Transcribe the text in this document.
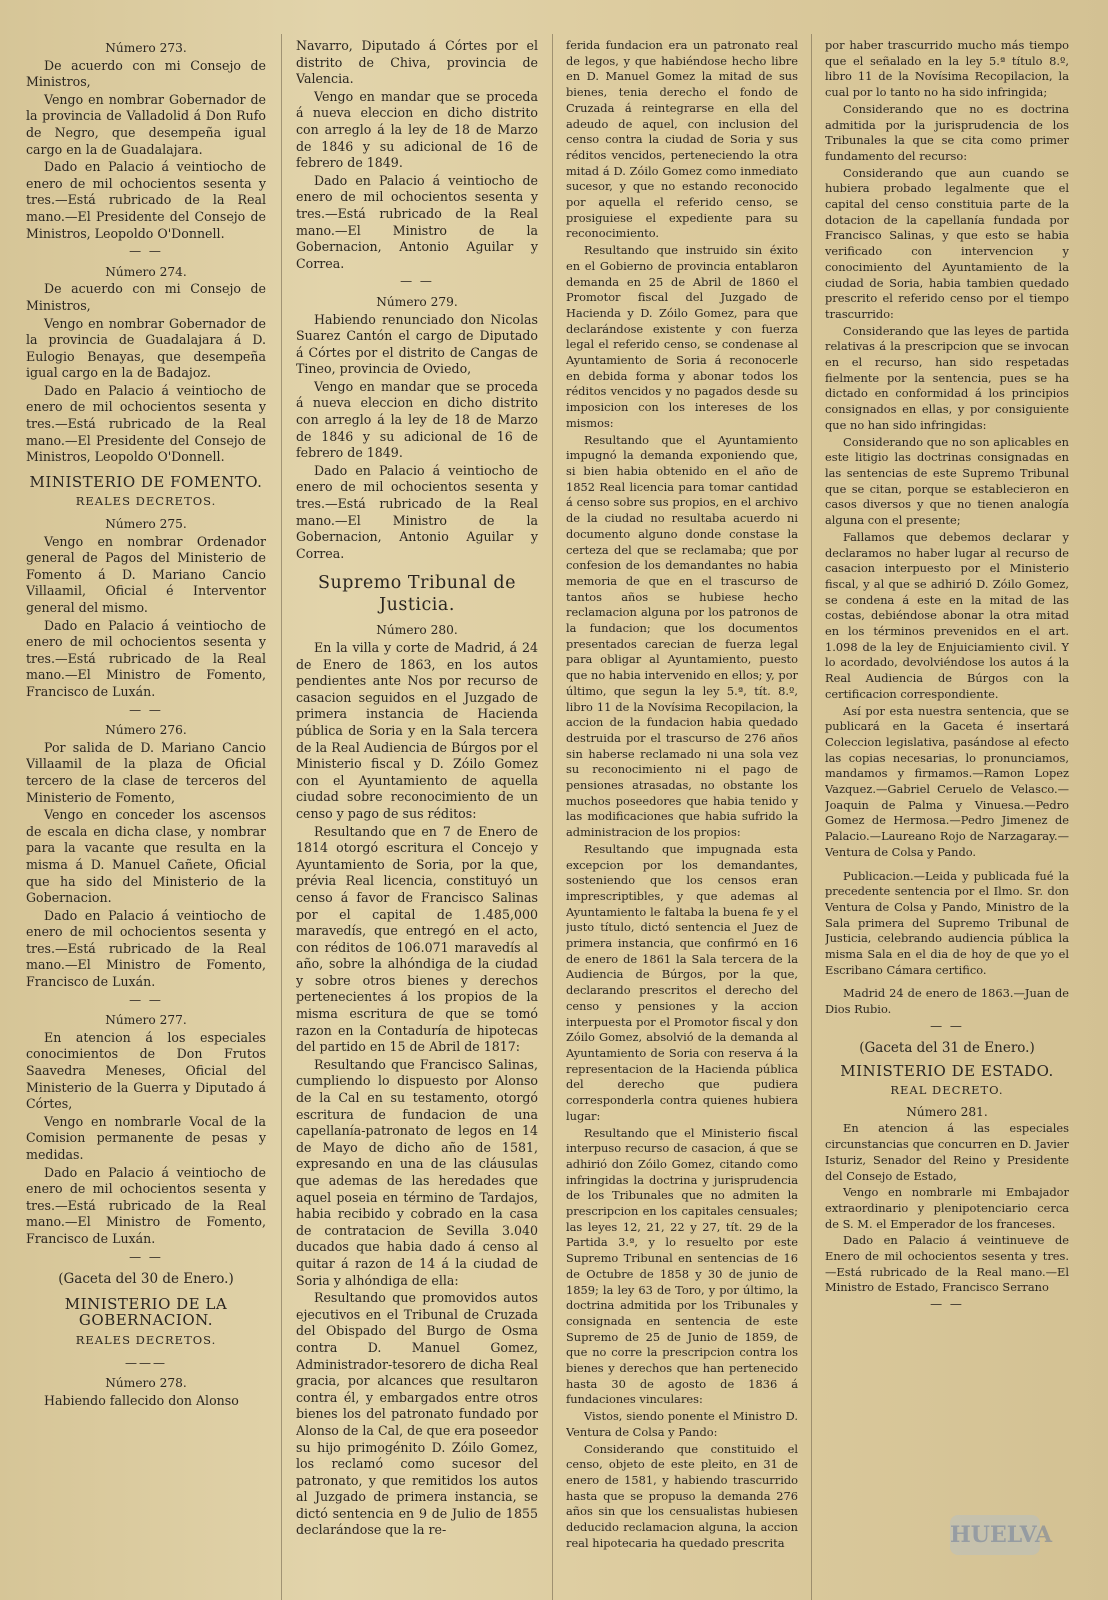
Número 273.

De acuerdo con mi Consejo de Ministros,

Vengo en nombrar Gobernador de la provincia de Valladolid á Don Rufo de Negro, que desempeña igual cargo en la de Guadalajara.

Dado en Palacio á veintiocho de enero de mil ochocientos sesenta y tres.—Está rubricado de la Real mano.—El Presidente del Consejo de Ministros, Leopoldo O'Donnell.

— —
Número 274.

De acuerdo con mi Consejo de Ministros,

Vengo en nombrar Gobernador de la provincia de Guadalajara á D. Eulogio Benayas, que desempeña igual cargo en la de Badajoz.

Dado en Palacio á veintiocho de enero de mil ochocientos sesenta y tres.—Está rubricado de la Real mano.—El Presidente del Consejo de Ministros, Leopoldo O'Donnell.

MINISTERIO DE FOMENTO.
REALES DECRETOS.
Número 275.

Vengo en nombrar Ordenador general de Pagos del Ministerio de Fomento á D. Mariano Cancio Villaamil, Oficial é Interventor general del mismo.

Dado en Palacio á veintiocho de enero de mil ochocientos sesenta y tres.—Está rubricado de la Real mano.—El Ministro de Fomento, Francisco de Luxán.

— —
Número 276.

Por salida de D. Mariano Cancio Villaamil de la plaza de Oficial tercero de la clase de terceros del Ministerio de Fomento,

Vengo en conceder los ascensos de escala en dicha clase, y nombrar para la vacante que resulta en la misma á D. Manuel Cañete, Oficial que ha sido del Ministerio de la Gobernacion.

Dado en Palacio á veintiocho de enero de mil ochocientos sesenta y tres.—Está rubricado de la Real mano.—El Ministro de Fomento, Francisco de Luxán.

— —
Número 277.

En atencion á los especiales conocimientos de Don Frutos Saavedra Meneses, Oficial del Ministerio de la Guerra y Diputado á Córtes,

Vengo en nombrarle Vocal de la Comision permanente de pesas y medidas.

Dado en Palacio á veintiocho de enero de mil ochocientos sesenta y tres.—Está rubricado de la Real mano.—El Ministro de Fomento, Francisco de Luxán.

— —
(Gaceta del 30 de Enero.)
MINISTERIO DE LA GOBERNACION.
REALES DECRETOS.
———
Número 278.

Habiendo fallecido don Alonso

Navarro, Diputado á Córtes por el distrito de Chiva, provincia de Valencia.

Vengo en mandar que se proceda á nueva eleccion en dicho distrito con arreglo á la ley de 18 de Marzo de 1846 y su adicional de 16 de febrero de 1849.

Dado en Palacio á veintiocho de enero de mil ochocientos sesenta y tres.—Está rubricado de la Real mano.—El Ministro de la Gobernacion, Antonio Aguilar y Correa.

— —
Número 279.

Habiendo renunciado don Nicolas Suarez Cantón el cargo de Diputado á Córtes por el distrito de Cangas de Tineo, provincia de Oviedo,

Vengo en mandar que se proceda á nueva eleccion en dicho distrito con arreglo á la ley de 18 de Marzo de 1846 y su adicional de 16 de febrero de 1849.

Dado en Palacio á veintiocho de enero de mil ochocientos sesenta y tres.—Está rubricado de la Real mano.—El Ministro de la Gobernacion, Antonio Aguilar y Correa.

Supremo Tribunal de Justicia.
Número 280.

En la villa y corte de Madrid, á 24 de Enero de 1863, en los autos pendientes ante Nos por recurso de casacion seguidos en el Juzgado de primera instancia de Hacienda pública de Soria y en la Sala tercera de la Real Audiencia de Búrgos por el Ministerio fiscal y D. Zóilo Gomez con el Ayuntamiento de aquella ciudad sobre reconocimiento de un censo y pago de sus réditos:

Resultando que en 7 de Enero de 1814 otorgó escritura el Concejo y Ayuntamiento de Soria, por la que, prévia Real licencia, constituyó un censo á favor de Francisco Salinas por el capital de 1.485,000 maravedís, que entregó en el acto, con réditos de 106.071 maravedís al año, sobre la alhóndiga de la ciudad y sobre otros bienes y derechos pertenecientes á los propios de la misma escritura de que se tomó razon en la Contaduría de hipotecas del partido en 15 de Abril de 1817:

Resultando que Francisco Salinas, cumpliendo lo dispuesto por Alonso de la Cal en su testamento, otorgó escritura de fundacion de una capellanía-patronato de legos en 14 de Mayo de dicho año de 1581, expresando en una de las cláusulas que ademas de las heredades que aquel poseia en término de Tardajos, habia recibido y cobrado en la casa de contratacion de Sevilla 3.040 ducados que habia dado á censo al quitar á razon de 14 á la ciudad de Soria y alhóndiga de ella:

Resultando que promovidos autos ejecutivos en el Tribunal de Cruzada del Obispado del Burgo de Osma contra D. Manuel Gomez, Administrador-tesorero de dicha Real gracia, por alcances que resultaron contra él, y embargados entre otros bienes los del patronato fundado por Alonso de la Cal, de que era poseedor su hijo primogénito D. Zóilo Gomez, los reclamó como sucesor del patronato, y que remitidos los autos al Juzgado de primera instancia, se dictó sentencia en 9 de Julio de 1855 declarándose que la re-

ferida fundacion era un patronato real de legos, y que habiéndose hecho libre en D. Manuel Gomez la mitad de sus bienes, tenia derecho el fondo de Cruzada á reintegrarse en ella del adeudo de aquel, con inclusion del censo contra la ciudad de Soria y sus réditos vencidos, perteneciendo la otra mitad á D. Zóilo Gomez como inmediato sucesor, y que no estando reconocido por aquella el referido censo, se prosiguiese el expediente para su reconocimiento.

Resultando que instruido sin éxito en el Gobierno de provincia entablaron demanda en 25 de Abril de 1860 el Promotor fiscal del Juzgado de Hacienda y D. Zóilo Gomez, para que declarándose existente y con fuerza legal el referido censo, se condenase al Ayuntamiento de Soria á reconocerle en debida forma y abonar todos los réditos vencidos y no pagados desde su imposicion con los intereses de los mismos:

Resultando que el Ayuntamiento impugnó la demanda exponiendo que, si bien habia obtenido en el año de 1852 Real licencia para tomar cantidad á censo sobre sus propios, en el archivo de la ciudad no resultaba acuerdo ni documento alguno donde constase la certeza del que se reclamaba; que por confesion de los demandantes no habia memoria de que en el trascurso de tantos años se hubiese hecho reclamacion alguna por los patronos de la fundacion; que los documentos presentados carecian de fuerza legal para obligar al Ayuntamiento, puesto que no habia intervenido en ellos; y, por último, que segun la ley 5.ª, tít. 8.º, libro 11 de la Novísima Recopilacion, la accion de la fundacion habia quedado destruida por el trascurso de 276 años sin haberse reclamado ni una sola vez su reconocimiento ni el pago de pensiones atrasadas, no obstante los muchos poseedores que habia tenido y las modificaciones que habia sufrido la administracion de los propios:

Resultando que impugnada esta excepcion por los demandantes, sosteniendo que los censos eran imprescriptibles, y que ademas al Ayuntamiento le faltaba la buena fe y el justo título, dictó sentencia el Juez de primera instancia, que confirmó en 16 de enero de 1861 la Sala tercera de la Audiencia de Búrgos, por la que, declarando prescritos el derecho del censo y pensiones y la accion interpuesta por el Promotor fiscal y don Zóilo Gomez, absolvió de la demanda al Ayuntamiento de Soria con reserva á la representacion de la Hacienda pública del derecho que pudiera corresponderla contra quienes hubiera lugar:

Resultando que el Ministerio fiscal interpuso recurso de casacion, á que se adhirió don Zóilo Gomez, citando como infringidas la doctrina y jurisprudencia de los Tribunales que no admiten la prescripcion en los capitales censuales; las leyes 12, 21, 22 y 27, tít. 29 de la Partida 3.ª, y lo resuelto por este Supremo Tribunal en sentencias de 16 de Octubre de 1858 y 30 de junio de 1859; la ley 63 de Toro, y por último, la doctrina admitida por los Tribunales y consignada en sentencia de este Supremo de 25 de Junio de 1859, de que no corre la prescripcion contra los bienes y derechos que han pertenecido hasta 30 de agosto de 1836 á fundaciones vinculares:

Vistos, siendo ponente el Ministro D. Ventura de Colsa y Pando:

Considerando que constituido el censo, objeto de este pleito, en 31 de enero de 1581, y habiendo trascurrido hasta que se propuso la demanda 276 años sin que los censualistas hubiesen deducido reclamacion alguna, la accion real hipotecaria ha quedado prescrita

por haber trascurrido mucho más tiempo que el señalado en la ley 5.ª título 8.º, libro 11 de la Novísima Recopilacion, la cual por lo tanto no ha sido infringida;

Considerando que no es doctrina admitida por la jurisprudencia de los Tribunales la que se cita como primer fundamento del recurso:

Considerando que aun cuando se hubiera probado legalmente que el capital del censo constituia parte de la dotacion de la capellanía fundada por Francisco Salinas, y que esto se habia verificado con intervencion y conocimiento del Ayuntamiento de la ciudad de Soria, habia tambien quedado prescrito el referido censo por el tiempo trascurrido:

Considerando que las leyes de partida relativas á la prescripcion que se invocan en el recurso, han sido respetadas fielmente por la sentencia, pues se ha dictado en conformidad á los principios consignados en ellas, y por consiguiente que no han sido infringidas:

Considerando que no son aplicables en este litigio las doctrinas consignadas en las sentencias de este Supremo Tribunal que se citan, porque se establecieron en casos diversos y que no tienen analogía alguna con el presente;

Fallamos que debemos declarar y declaramos no haber lugar al recurso de casacion interpuesto por el Ministerio fiscal, y al que se adhirió D. Zóilo Gomez, se condena á este en la mitad de las costas, debiéndose abonar la otra mitad en los términos prevenidos en el art. 1.098 de la ley de Enjuiciamiento civil. Y lo acordado, devolviéndose los autos á la Real Audiencia de Búrgos con la certificacion correspondiente.

Así por esta nuestra sentencia, que se publicará en la Gaceta é insertará Coleccion legislativa, pasándose al efecto las copias necesarias, lo pronunciamos, mandamos y firmamos.—Ramon Lopez Vazquez.—Gabriel Ceruelo de Velasco.—Joaquin de Palma y Vinuesa.—Pedro Gomez de Hermosa.—Pedro Jimenez de Palacio.—Laureano Rojo de Narzagaray.—Ventura de Colsa y Pando.

Publicacion.—Leida y publicada fué la precedente sentencia por el Ilmo. Sr. don Ventura de Colsa y Pando, Ministro de la Sala primera del Supremo Tribunal de Justicia, celebrando audiencia pública la misma Sala en el dia de hoy de que yo el Escribano Cámara certifico.

Madrid 24 de enero de 1863.—Juan de Dios Rubio.

— —
(Gaceta del 31 de Enero.)
MINISTERIO DE ESTADO.
REAL DECRETO.
Número 281.

En atencion á las especiales circunstancias que concurren en D. Javier Isturiz, Senador del Reino y Presidente del Consejo de Estado,

Vengo en nombrarle mi Embajador extraordinario y plenipotenciario cerca de S. M. el Emperador de los franceses.

Dado en Palacio á veintinueve de Enero de mil ochocientos sesenta y tres.—Está rubricado de la Real mano.—El Ministro de Estado, Francisco Serrano

— —
HUELVA
